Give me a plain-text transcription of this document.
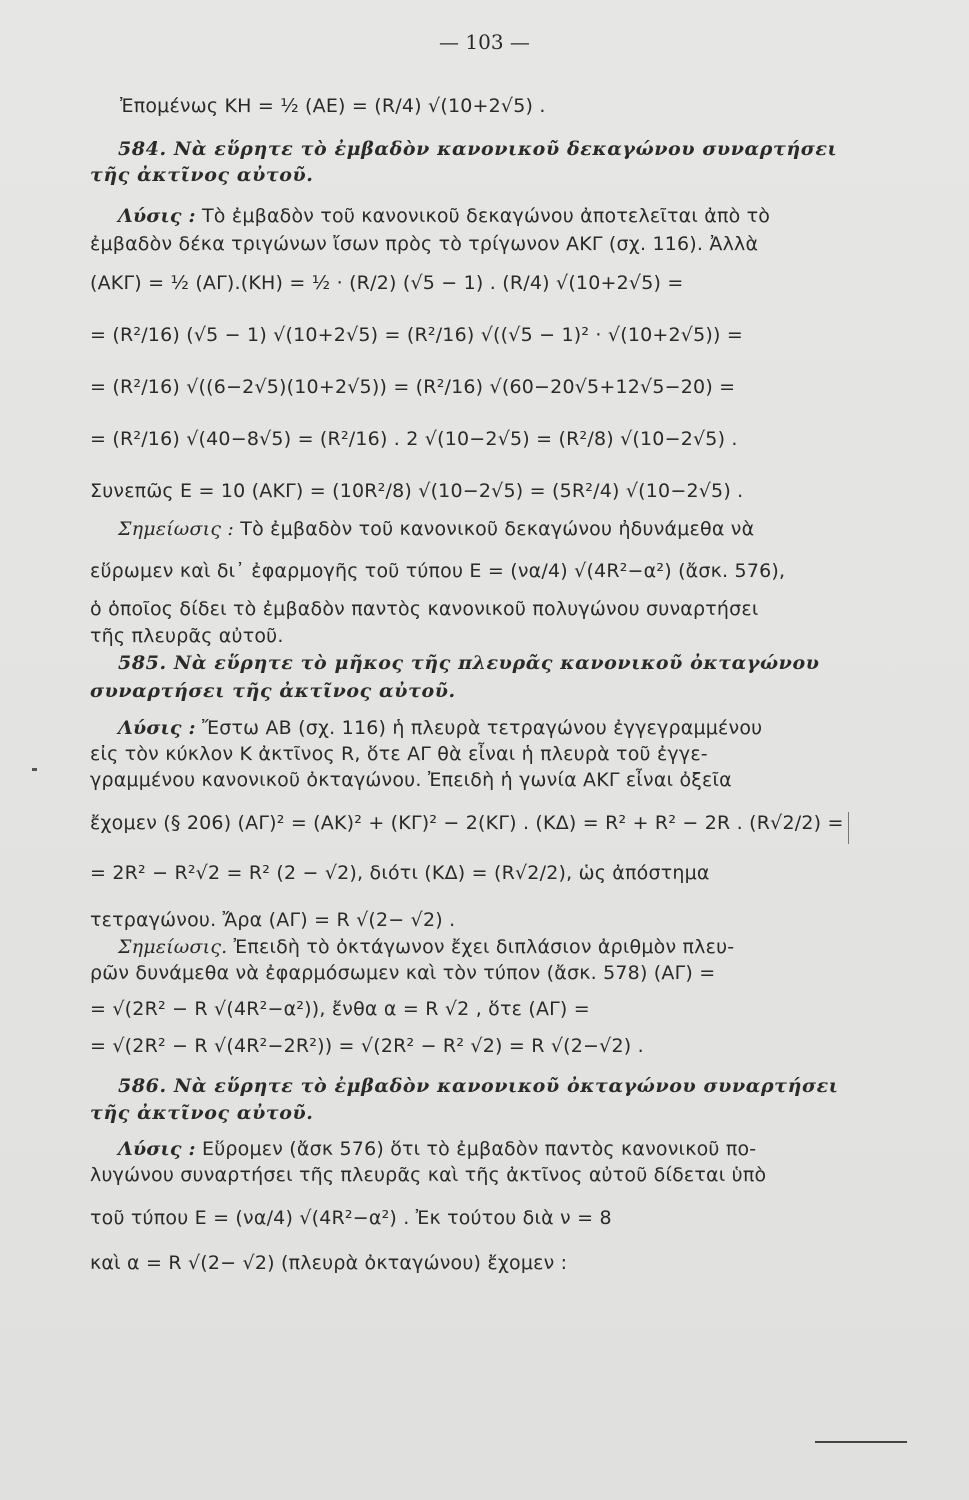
— 103 —
Ἐπομένως ΚΗ = ½ (ΑΕ) = (R/4) √(10+2√5) .
584. Νὰ εὕρητε τὸ ἐμβαδὸν κανονικοῦ δεκαγώνου συναρτήσει
τῆς ἀκτῖνος αὐτοῦ.
Λύσις : Τὸ ἐμβαδὸν τοῦ κανονικοῦ δεκαγώνου ἀποτελεῖται ἀπὸ τὸ
ἐμβαδὸν δέκα τριγώνων ἴσων πρὸς τὸ τρίγωνον ΑΚΓ (σχ. 116). Ἀλλὰ
(ΑΚΓ) = ½ (ΑΓ).(ΚΗ) = ½ · (R/2) (√5 − 1) . (R/4) √(10+2√5) =
= (R²/16) (√5 − 1) √(10+2√5) = (R²/16) √((√5 − 1)² · √(10+2√5)) =
= (R²/16) √((6−2√5)(10+2√5)) = (R²/16) √(60−20√5+12√5−20) =
= (R²/16) √(40−8√5) = (R²/16) . 2 √(10−2√5) = (R²/8) √(10−2√5) .
Συνεπῶς Ε = 10 (ΑΚΓ) = (10R²/8) √(10−2√5) = (5R²/4) √(10−2√5) .
Σημείωσις : Τὸ ἐμβαδὸν τοῦ κανονικοῦ δεκαγώνου ἠδυνάμεθα νὰ
εὕρωμεν καὶ δι᾽ ἐφαρμογῆς τοῦ τύπου Ε = (να/4) √(4R²−α²) (ἄσκ. 576),
ὁ ὁποῖος δίδει τὸ ἐμβαδὸν παντὸς κανονικοῦ πολυγώνου συναρτήσει
τῆς πλευρᾶς αὐτοῦ.
585. Νὰ εὕρητε τὸ μῆκος τῆς πλευρᾶς κανονικοῦ ὀκταγώνου
συναρτήσει τῆς ἀκτῖνος αὐτοῦ.
Λύσις : Ἔστω ΑΒ (σχ. 116) ἡ πλευρὰ τετραγώνου ἐγγεγραμμένου
εἰς τὸν κύκλον Κ ἀκτῖνος R, ὅτε ΑΓ θὰ εἶναι ἡ πλευρὰ τοῦ ἐγγε-
γραμμένου κανονικοῦ ὀκταγώνου. Ἐπειδὴ ἡ γωνία ΑΚΓ εἶναι ὀξεῖα
ἔχομεν (§ 206) (ΑΓ)² = (ΑΚ)² + (ΚΓ)² − 2(ΚΓ) . (ΚΔ) = R² + R² − 2R . (R√2/2) =
= 2R² − R²√2 = R² (2 − √2), διότι (ΚΔ) = (R√2/2), ὡς ἀπόστημα
τετραγώνου. Ἄρα (ΑΓ) = R √(2− √2) .
Σημείωσις. Ἐπειδὴ τὸ ὀκτάγωνον ἔχει διπλάσιον ἀριθμὸν πλευ-
ρῶν δυνάμεθα νὰ ἐφαρμόσωμεν καὶ τὸν τύπον (ἄσκ. 578) (ΑΓ) =
= √(2R² − R √(4R²−α²)), ἔνθα α = R √2 , ὅτε (ΑΓ) =
= √(2R² − R √(4R²−2R²)) = √(2R² − R² √2) = R √(2−√2) .
586. Νὰ εὕρητε τὸ ἐμβαδὸν κανονικοῦ ὀκταγώνου συναρτήσει
τῆς ἀκτῖνος αὐτοῦ.
Λύσις : Εὕρομεν (ἄσκ 576) ὅτι τὸ ἐμβαδὸν παντὸς κανονικοῦ πο-
λυγώνου συναρτήσει τῆς πλευρᾶς καὶ τῆς ἀκτῖνος αὐτοῦ δίδεται ὑπὸ
τοῦ τύπου Ε = (να/4) √(4R²−α²) . Ἐκ τούτου διὰ ν = 8
καὶ α = R √(2− √2) (πλευρὰ ὀκταγώνου) ἔχομεν :
